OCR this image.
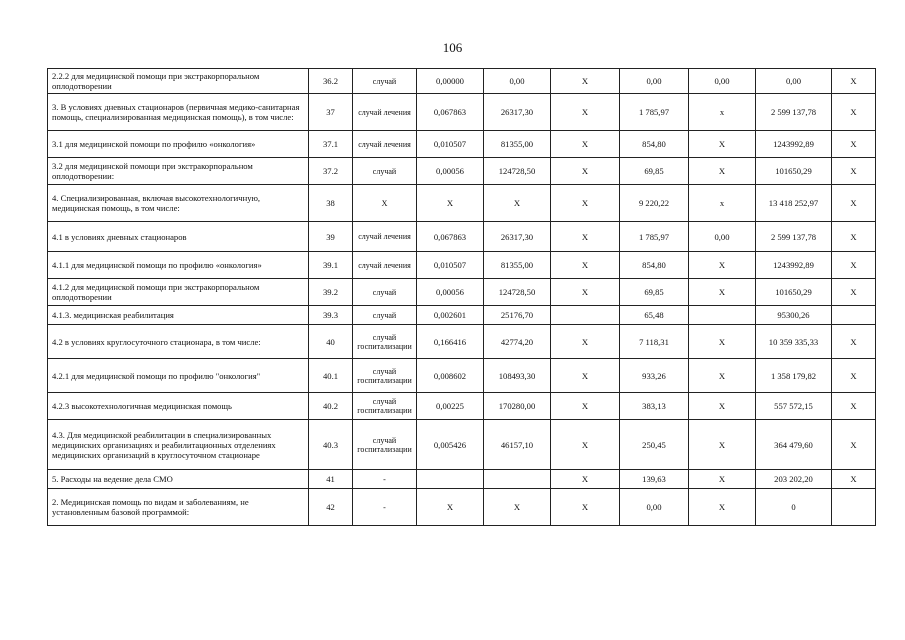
106
2.2.2 для медицинской помощи при экстракорпоральном оплодотворении	36.2	случай	0,00000	0,00	Х	0,00	0,00	0,00	Х
3. В условиях дневных стационаров (первичная медико-санитарная помощь, специализированная медицинская помощь), в том числе:	37	случай лечения	0,067863	26317,30	Х	1 785,97	х	2 599 137,78	Х
3.1 для медицинской помощи по профилю «онкология»	37.1	случай лечения	0,010507	81355,00	Х	854,80	Х	1243992,89	Х
3.2 для медицинской помощи при экстракорпоральном оплодотворении:	37.2	случай	0,00056	124728,50	Х	69,85	Х	101650,29	Х
4. Специализированная, включая высокотехнологичную, медицинская помощь, в том числе:	38	Х	Х	Х	Х	9 220,22	х	13 418 252,97	Х
4.1 в условиях дневных стационаров	39	случай лечения	0,067863	26317,30	Х	1 785,97	0,00	2 599 137,78	Х
4.1.1 для медицинской помощи по профилю «онкология»	39.1	случай лечения	0,010507	81355,00	Х	854,80	Х	1243992,89	Х
4.1.2 для медицинской помощи при экстракорпоральном оплодотворении	39.2	случай	0,00056	124728,50	Х	69,85	Х	101650,29	Х
4.1.3. медицинская реабилитация	39.3	случай	0,002601	25176,70		65,48		95300,26	
4.2 в условиях круглосуточного стационара, в том числе:	40	случай госпитализации	0,166416	42774,20	Х	7 118,31	Х	10 359 335,33	Х
4.2.1 для медицинской помощи по профилю "онкология"	40.1	случай госпитализации	0,008602	108493,30	Х	933,26	Х	1 358 179,82	Х
4.2.3 высокотехнологичная медицинская помощь	40.2	случай госпитализации	0,00225	170280,00	Х	383,13	Х	557 572,15	Х
4.3. Для медицинской реабилитации в специализированных медицинских организациях и реабилитационных отделениях медицинских организаций в круглосуточном стационаре	40.3	случай госпитализации	0,005426	46157,10	Х	250,45	Х	364 479,60	Х
5. Расходы на ведение дела СМО	41	-			Х	139,63	Х	203 202,20	Х
2. Медицинская помощь по видам и заболеваниям, не установленным базовой программой:	42	-	Х	Х	Х	0,00	Х	0	
